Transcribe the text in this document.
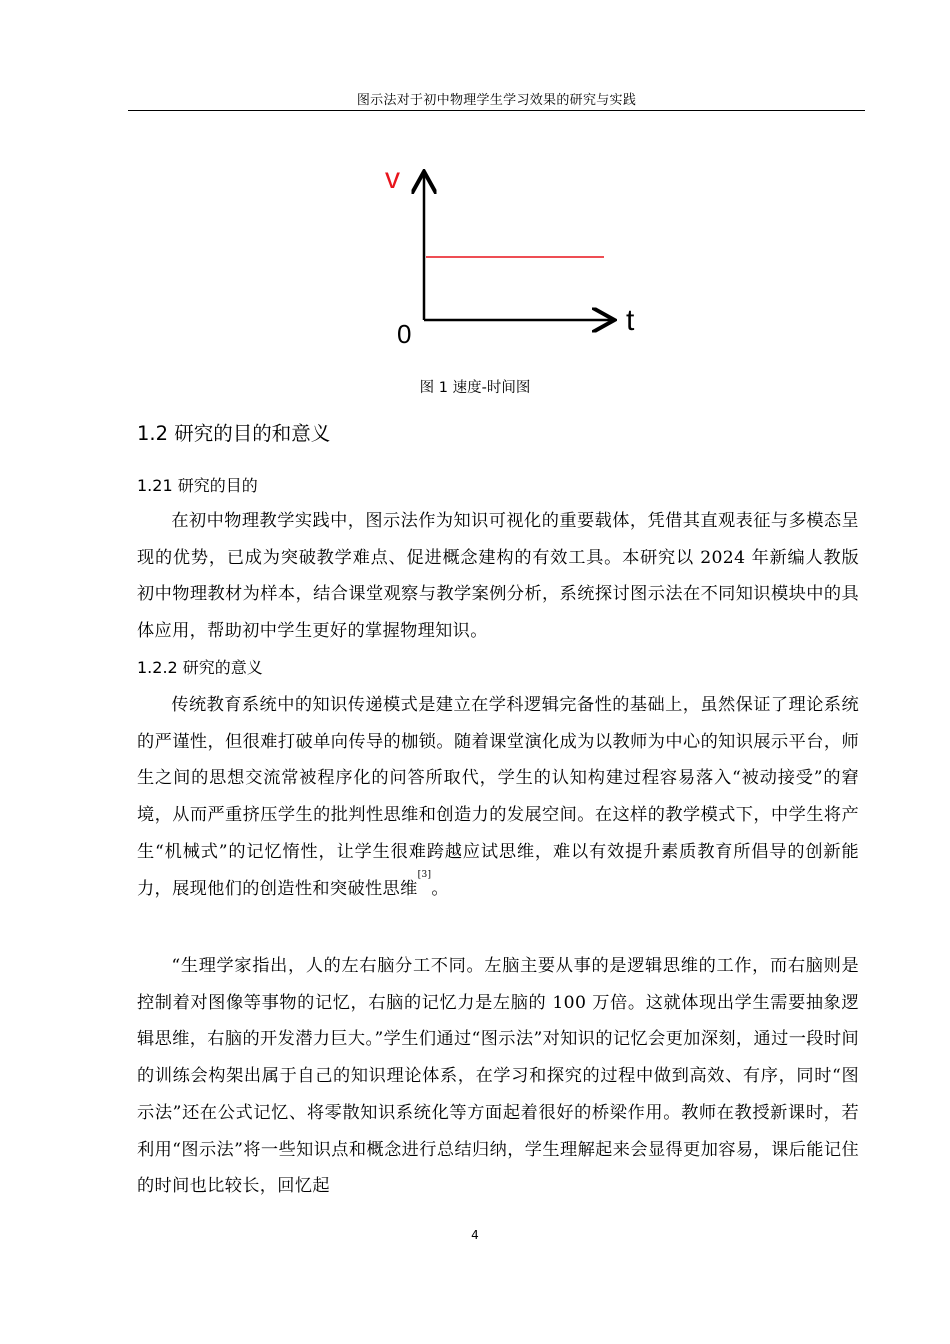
图示法对于初中物理学生学习效果的研究与实践
v
t
0
图 1 速度-时间图
1.2 研究的目的和意义
1.21 研究的目的

在初中物理教学实践中，图示法作为知识可视化的重要载体，凭借其直观表征与多模态呈现的优势，已成为突破教学难点、促进概念建构的有效工具。本研究以 2024 年新编人教版初中物理教材为样本，结合课堂观察与教学案例分析，系统探讨图示法在不同知识模块中的具体应用，帮助初中学生更好的掌握物理知识。

1.2.2 研究的意义

传统教育系统中的知识传递模式是建立在学科逻辑完备性的基础上，虽然保证了理论系统的严谨性，但很难打破单向传导的枷锁。随着课堂演化成为以教师为中心的知识展示平台，师生之间的思想交流常被程序化的问答所取代，学生的认知构建过程容易落入“被动接受”的窘境，从而严重挤压学生的批判性思维和创造力的发展空间。在这样的教学模式下，中学生将产生“机械式”的记忆惰性，让学生很难跨越应试思维，难以有效提升素质教育所倡导的创新能力，展现他们的创造性和突破性思维[3]。

“生理学家指出，人的左右脑分工不同。左脑主要从事的是逻辑思维的工作，而右脑则是控制着对图像等事物的记忆，右脑的记忆力是左脑的 100 万倍。这就体现出学生需要抽象逻辑思维，右脑的开发潜力巨大。”学生们通过“图示法”对知识的记忆会更加深刻，通过一段时间的训练会构架出属于自己的知识理论体系，在学习和探究的过程中做到高效、有序，同时“图示法”还在公式记忆、将零散知识系统化等方面起着很好的桥梁作用。教师在教授新课时，若利用“图示法”将一些知识点和概念进行总结归纳，学生理解起来会显得更加容易，课后能记住的时间也比较长，回忆起

4
